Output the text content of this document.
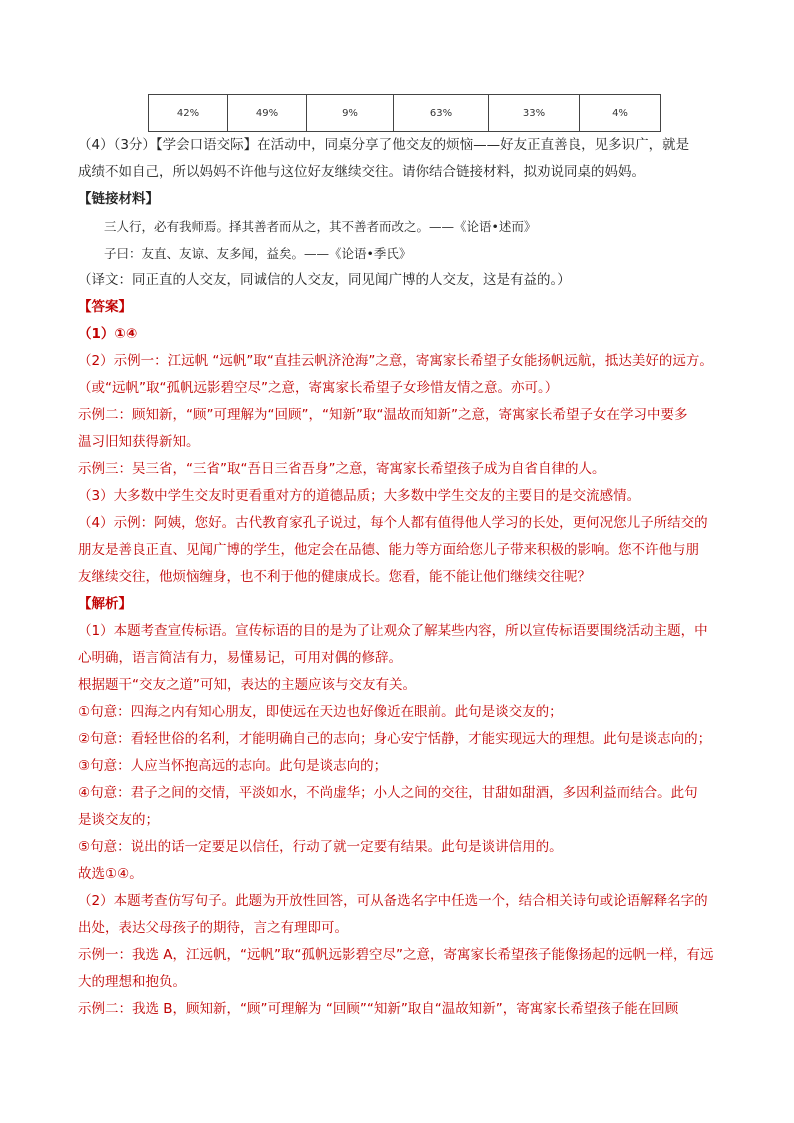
42%	49%	9%	63%	33%	4%
（4）（3分）【学会口语交际】在活动中，同桌分享了他交友的烦恼——好友正直善良，见多识广，就是
成绩不如自己，所以妈妈不许他与这位好友继续交往。请你结合链接材料，拟劝说同桌的妈妈。
【链接材料】
三人行，必有我师焉。择其善者而从之，其不善者而改之。——《论语•述而》
子曰：友直、友谅、友多闻，益矣。——《论语•季氏》
（译文：同正直的人交友，同诚信的人交友，同见闻广博的人交友，这是有益的。）
【答案】
（1）①④
（2）示例一：江远帆 “远帆”取“直挂云帆济沧海”之意，寄寓家长希望子女能扬帆远航，抵达美好的远方。
（或“远帆”取“孤帆远影碧空尽”之意，寄寓家长希望子女珍惜友情之意。亦可。）
示例二：顾知新，“顾”可理解为“回顾”，“知新”取“温故而知新”之意，寄寓家长希望子女在学习中要多
温习旧知获得新知。
示例三：吴三省，“三省”取“吾日三省吾身”之意，寄寓家长希望孩子成为自省自律的人。
（3）大多数中学生交友时更看重对方的道德品质；大多数中学生交友的主要目的是交流感情。
（4）示例：阿姨，您好。古代教育家孔子说过，每个人都有值得他人学习的长处，更何况您儿子所结交的
朋友是善良正直、见闻广博的学生，他定会在品德、能力等方面给您儿子带来积极的影响。您不许他与朋
友继续交往，他烦恼缠身，也不利于他的健康成长。您看，能不能让他们继续交往呢？
【解析】
（1）本题考查宣传标语。宣传标语的目的是为了让观众了解某些内容，所以宣传标语要围绕活动主题，中
心明确，语言简洁有力，易懂易记，可用对偶的修辞。
根据题干“交友之道”可知，表达的主题应该与交友有关。
①句意：四海之内有知心朋友，即使远在天边也好像近在眼前。此句是谈交友的；
②句意：看轻世俗的名利，才能明确自己的志向；身心安宁恬静，才能实现远大的理想。此句是谈志向的；
③句意：人应当怀抱高远的志向。此句是谈志向的；
④句意：君子之间的交情，平淡如水，不尚虚华；小人之间的交往，甘甜如甜酒，多因利益而结合。此句
是谈交友的；
⑤句意：说出的话一定要足以信任，行动了就一定要有结果。此句是谈讲信用的。
故选①④。
（2）本题考查仿写句子。此题为开放性回答，可从备选名字中任选一个，结合相关诗句或论语解释名字的
出处，表达父母孩子的期待，言之有理即可。
示例一：我选 A，江远帆，“远帆”取“孤帆远影碧空尽”之意，寄寓家长希望孩子能像扬起的远帆一样，有远
大的理想和抱负。
示例二：我选 B，顾知新，“顾”可理解为 “回顾”“知新”取自“温故知新”，寄寓家长希望孩子能在回顾
